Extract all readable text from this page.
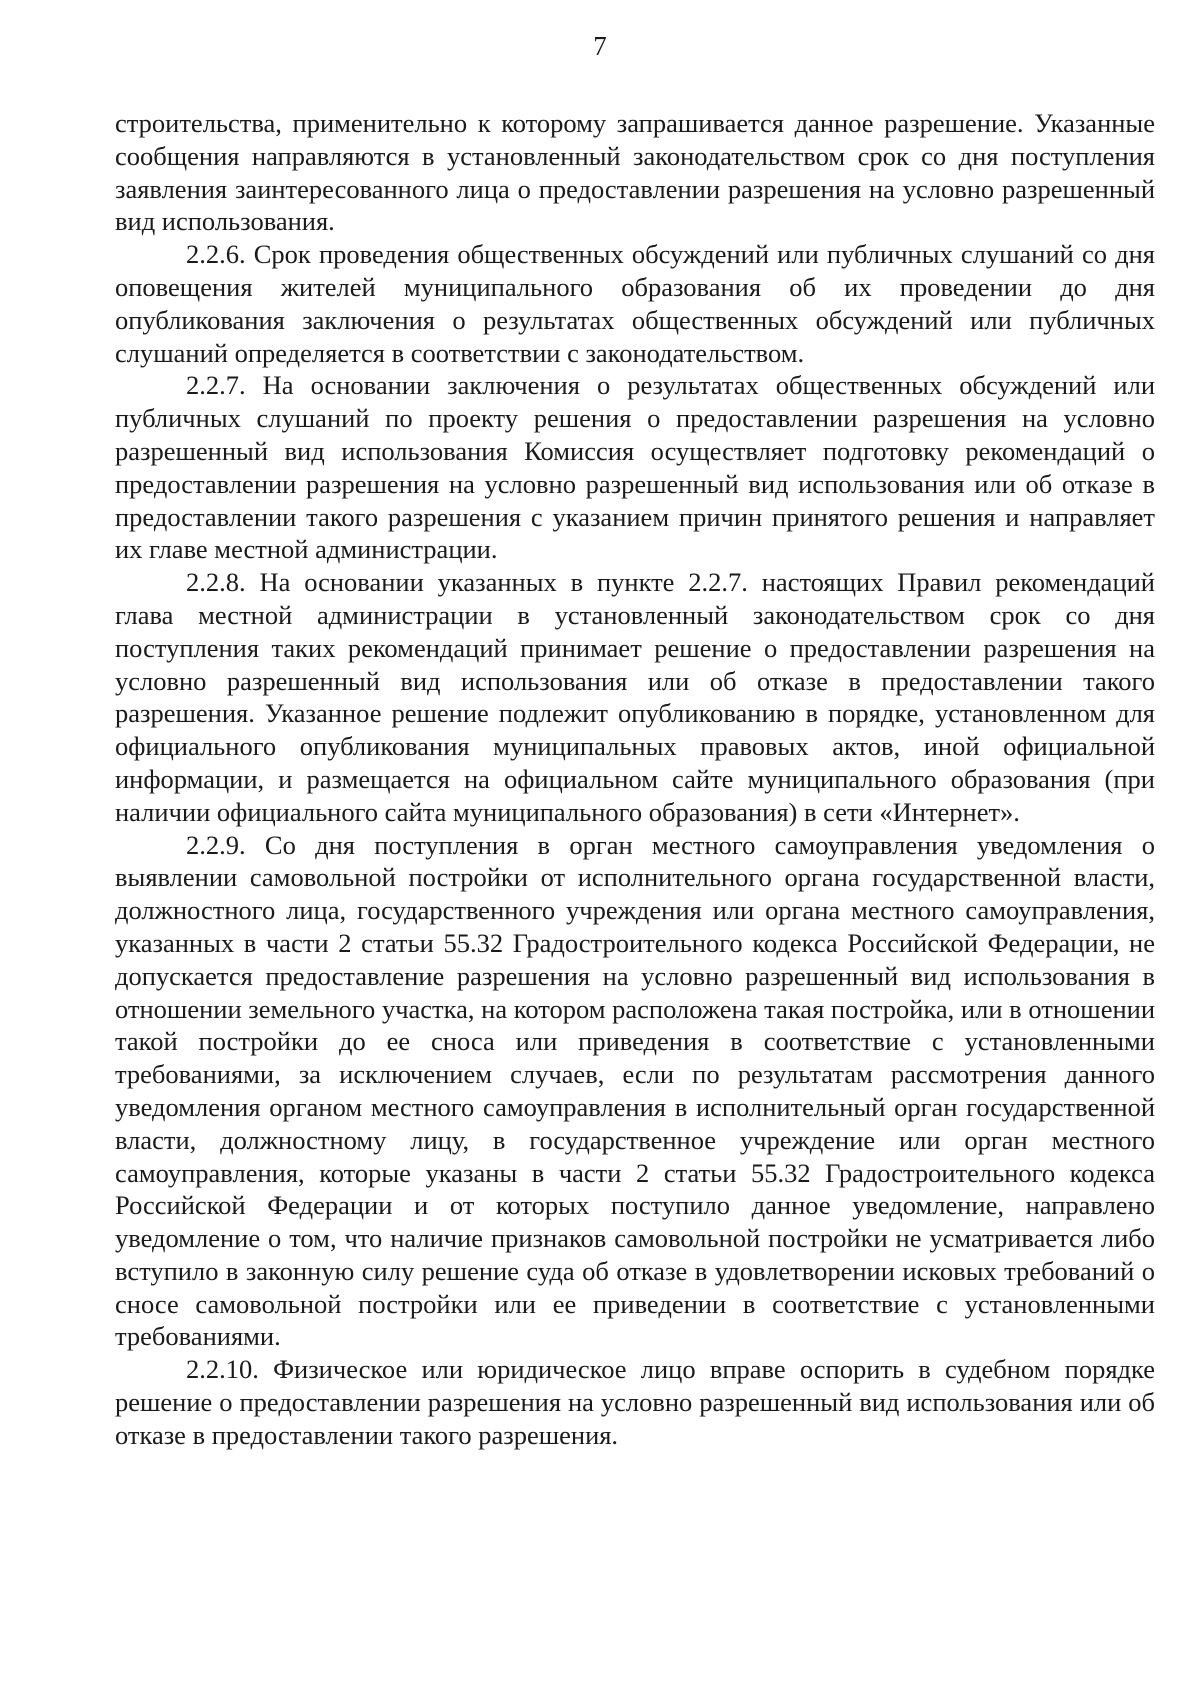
7

строительства, применительно к которому запрашивается данное разрешение. Указанные сообщения направляются в установленный законодательством срок со дня поступления заявления заинтересованного лица о предоставлении разрешения на условно разрешенный вид использования.

2.2.6. Срок проведения общественных обсуждений или публичных слушаний со дня оповещения жителей муниципального образования об их проведении до дня опубликования заключения о результатах общественных обсуждений или публичных слушаний определяется в соответствии с законодательством.

2.2.7. На основании заключения о результатах общественных обсуждений или публичных слушаний по проекту решения о предоставлении разрешения на условно разрешенный вид использования Комиссия осуществляет подготовку рекомендаций о предоставлении разрешения на условно разрешенный вид использования или об отказе в предоставлении такого разрешения с указанием причин принятого решения и направляет их главе местной администрации.

2.2.8. На основании указанных в пункте 2.2.7. настоящих Правил рекомендаций глава местной администрации в установленный законодательством срок со дня поступления таких рекомендаций принимает решение о предоставлении разрешения на условно разрешенный вид использования или об отказе в предоставлении такого разрешения. Указанное решение подлежит опубликованию в порядке, установленном для официального опубликования муниципальных правовых актов, иной официальной информации, и размещается на официальном сайте муниципального образования (при наличии официального сайта муниципального образования) в сети «Интернет».

2.2.9. Со дня поступления в орган местного самоуправления уведомления о выявлении самовольной постройки от исполнительного органа государственной власти, должностного лица, государственного учреждения или органа местного самоуправления, указанных в части 2 статьи 55.32 Градостроительного кодекса Российской Федерации, не допускается предоставление разрешения на условно разрешенный вид использования в отношении земельного участка, на котором расположена такая постройка, или в отношении такой постройки до ее сноса или приведения в соответствие с установленными требованиями, за исключением случаев, если по результатам рассмотрения данного уведомления органом местного самоуправления в исполнительный орган государственной власти, должностному лицу, в государственное учреждение или орган местного самоуправления, которые указаны в части 2 статьи 55.32 Градостроительного кодекса Российской Федерации и от которых поступило данное уведомление, направлено уведомление о том, что наличие признаков самовольной постройки не усматривается либо вступило в законную силу решение суда об отказе в удовлетворении исковых требований о сносе самовольной постройки или ее приведении в соответствие с установленными требованиями.

2.2.10. Физическое или юридическое лицо вправе оспорить в судебном порядке решение о предоставлении разрешения на условно разрешенный вид использования или об отказе в предоставлении такого разрешения.
